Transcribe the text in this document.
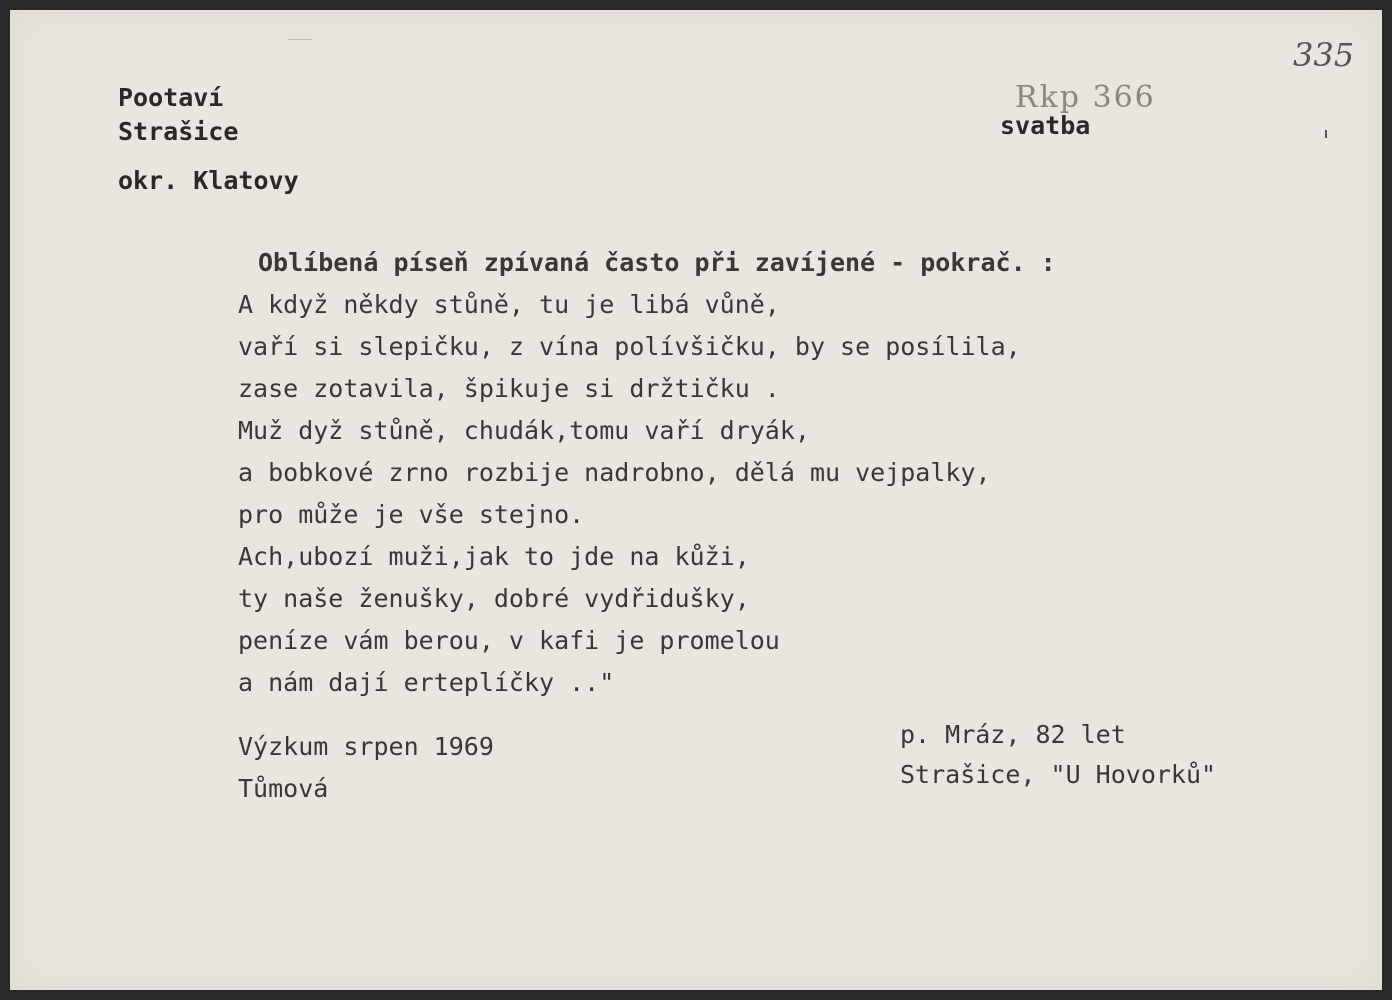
Pootaví
Strašice
okr. Klatovy
Rkp 366
svatba
335
Oblíbená píseň zpívaná často při zavíjené - pokrač. :
A když někdy stůně, tu je libá vůně,
vaří si slepičku, z vína polívšičku, by se posílila,
zase zotavila, špikuje si držtičku .
Muž dyž stůně, chudák,tomu vaří dryák,
a bobkové zrno rozbije nadrobno, dělá mu vejpalky,
pro může je vše stejno.
Ach,ubozí muži,jak to jde na kůži,
ty naše ženušky, dobré vydřidušky,
peníze vám berou, v kafi je promelou
a nám dají erteplíčky .."
Výzkum srpen 1969
Tůmová
p. Mráz, 82 let
Strašice, "U Hovorků"
